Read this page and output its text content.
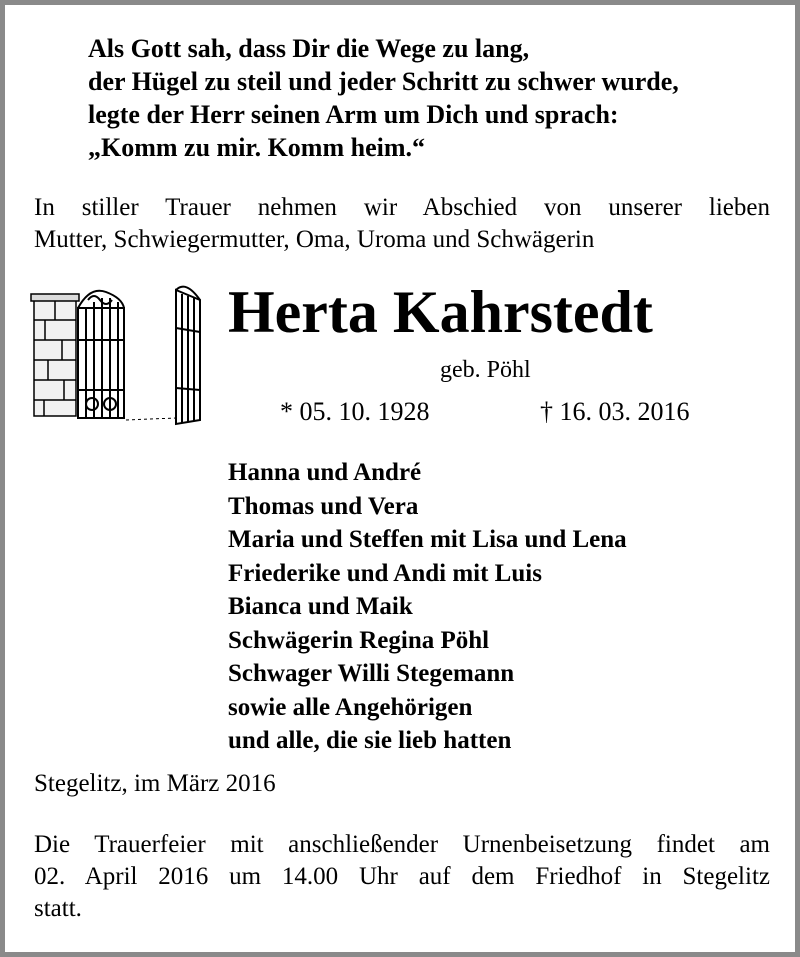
Als Gott sah, dass Dir die Wege zu lang,
der Hügel zu steil und jeder Schritt zu schwer wurde,
legte der Herr seinen Arm um Dich und sprach:
„Komm zu mir. Komm heim.“
In stiller Trauer nehmen wir Abschied von unserer lieben
Mutter, Schwiegermutter, Oma, Uroma und Schwägerin
Herta Kahrstedt
geb. Pöhl
* 05. 10. 1928	† 16. 03. 2016
Hanna und André
Thomas und Vera
Maria und Steffen mit Lisa und Lena
Friederike und Andi mit Luis
Bianca und Maik
Schwägerin Regina Pöhl
Schwager Willi Stegemann
sowie alle Angehörigen
und alle, die sie lieb hatten
Stegelitz, im März 2016
Die Trauerfeier mit anschließender Urnenbeisetzung findet am
02. April 2016 um 14.00 Uhr auf dem Friedhof in Stegelitz
statt.
